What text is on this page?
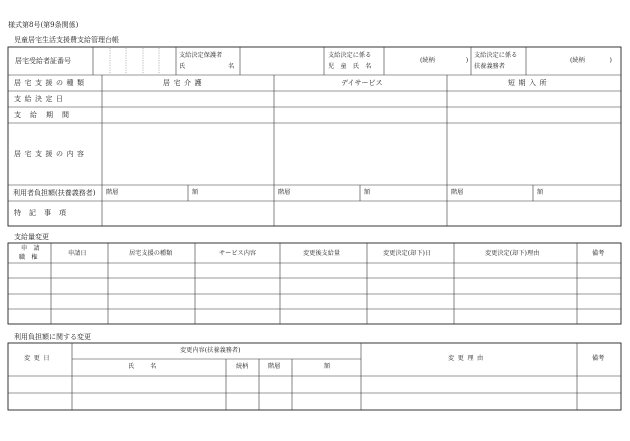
様式第8号(第9条関係)
児童居宅生活支援費支給管理台帳
居宅受給者証番号
支給決定保護者
氏	名
支給決定に係る
児　童　氏　名
(続柄　　　　　)
支給決定に係る
扶養義務者
(続柄　　　　)
居宅支援の種類	居宅介護	デイサービス	短期入所
支給決定日
支給期間
居宅支援の内容
利用者負担額(扶養義務者) 階層	額	階層	額	階層	額
特記事項
支給量変更
申　請
職　権
申請日	居宅支援の種類	サービス内容	変更後支給量	変更決定(却下)日	変更決定(却下)理由	備考
利用負担額に関する変更
変更日
変更内容(扶養義務者)
氏名	続柄	階層	額
変更理由	備考
